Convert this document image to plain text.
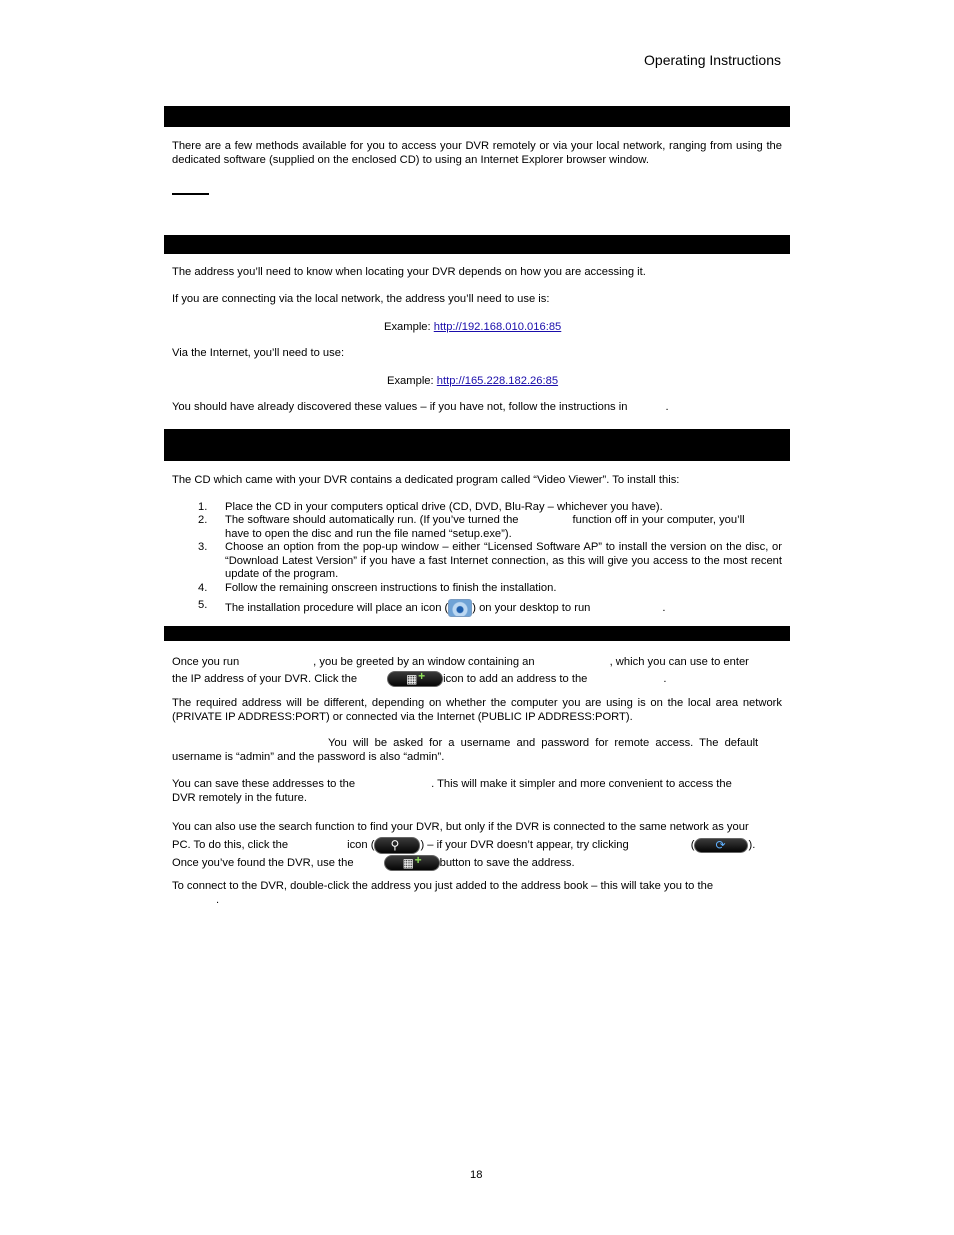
Operating Instructions
There are a few methods available for you to access your DVR remotely or via your local network, ranging from using the dedicated software (supplied on the enclosed CD) to using an Internet Explorer browser window.
The address you’ll need to know when locating your DVR depends on how you are accessing it.
If you are connecting via the local network, the address you’ll need to use is:
Example: http://192.168.010.016:85
Via the Internet, you’ll need to use:
Example: http://165.228.182.26:85
You should have already discovered these values – if you have not, follow the instructions in	.
The CD which came with your DVR contains a dedicated program called “Video Viewer”. To install this:
1. Place the CD in your computers optical drive (CD, DVD, Blu-Ray – whichever you have).
2. The software should automatically run. (If you’ve turned the	function off in your computer, you’ll
have to open the disc and run the file named “setup.exe”).
3. Choose an option from the pop-up window – either “Licensed Software AP” to install the version on the disc, or “Download Latest Version” if you have a fast Internet connection, as this will give you access to the most recent update of the program.
4. Follow the remaining onscreen instructions to finish the installation.
5. The installation procedure will place an icon ( ) on your desktop to run	.
Once you run	, you be greeted by an window containing an	, which you can use to enter
the IP address of your DVR. Click the	▦ + icon to add an address to the	.
The required address will be different, depending on whether the computer you are using is on the local area network (PRIVATE IP ADDRESS:PORT) or connected via the Internet (PUBLIC IP ADDRESS:PORT).
You will be asked for a username and password for remote access. The default
username is “admin” and the password is also “admin”.
You can save these addresses to the	. This will make it simpler and more convenient to access the
DVR remotely in the future.
You can also use the search function to find your DVR, but only if the DVR is connected to the same network as your
PC. To do this, click the	icon ( ⚲ ) – if your DVR doesn’t appear, try clicking	( ⟳ ).
Once you’ve found the DVR, use the	▦ + button to save the address.
To connect to the DVR, double-click the address you just added to the address book – this will take you to the
.
18
